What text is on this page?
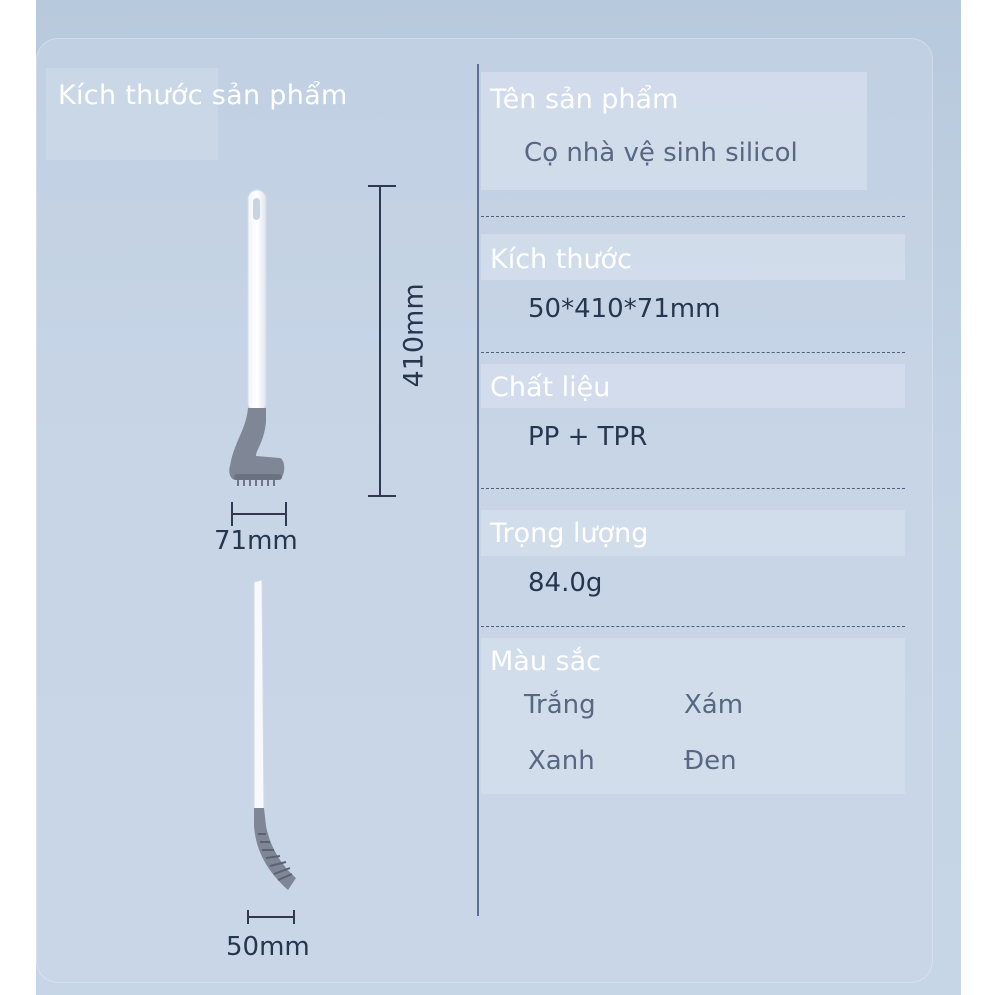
Kích thước sản phẩm
410mm
71mm
50mm
Tên sản phẩm
Cọ nhà vệ sinh silicol
Kích thước
50*410*71mm
Chất liệu
PP + TPR
Trọng lượng
84.0g
Màu sắc
Trắng	Xám
Xanh	Đen
